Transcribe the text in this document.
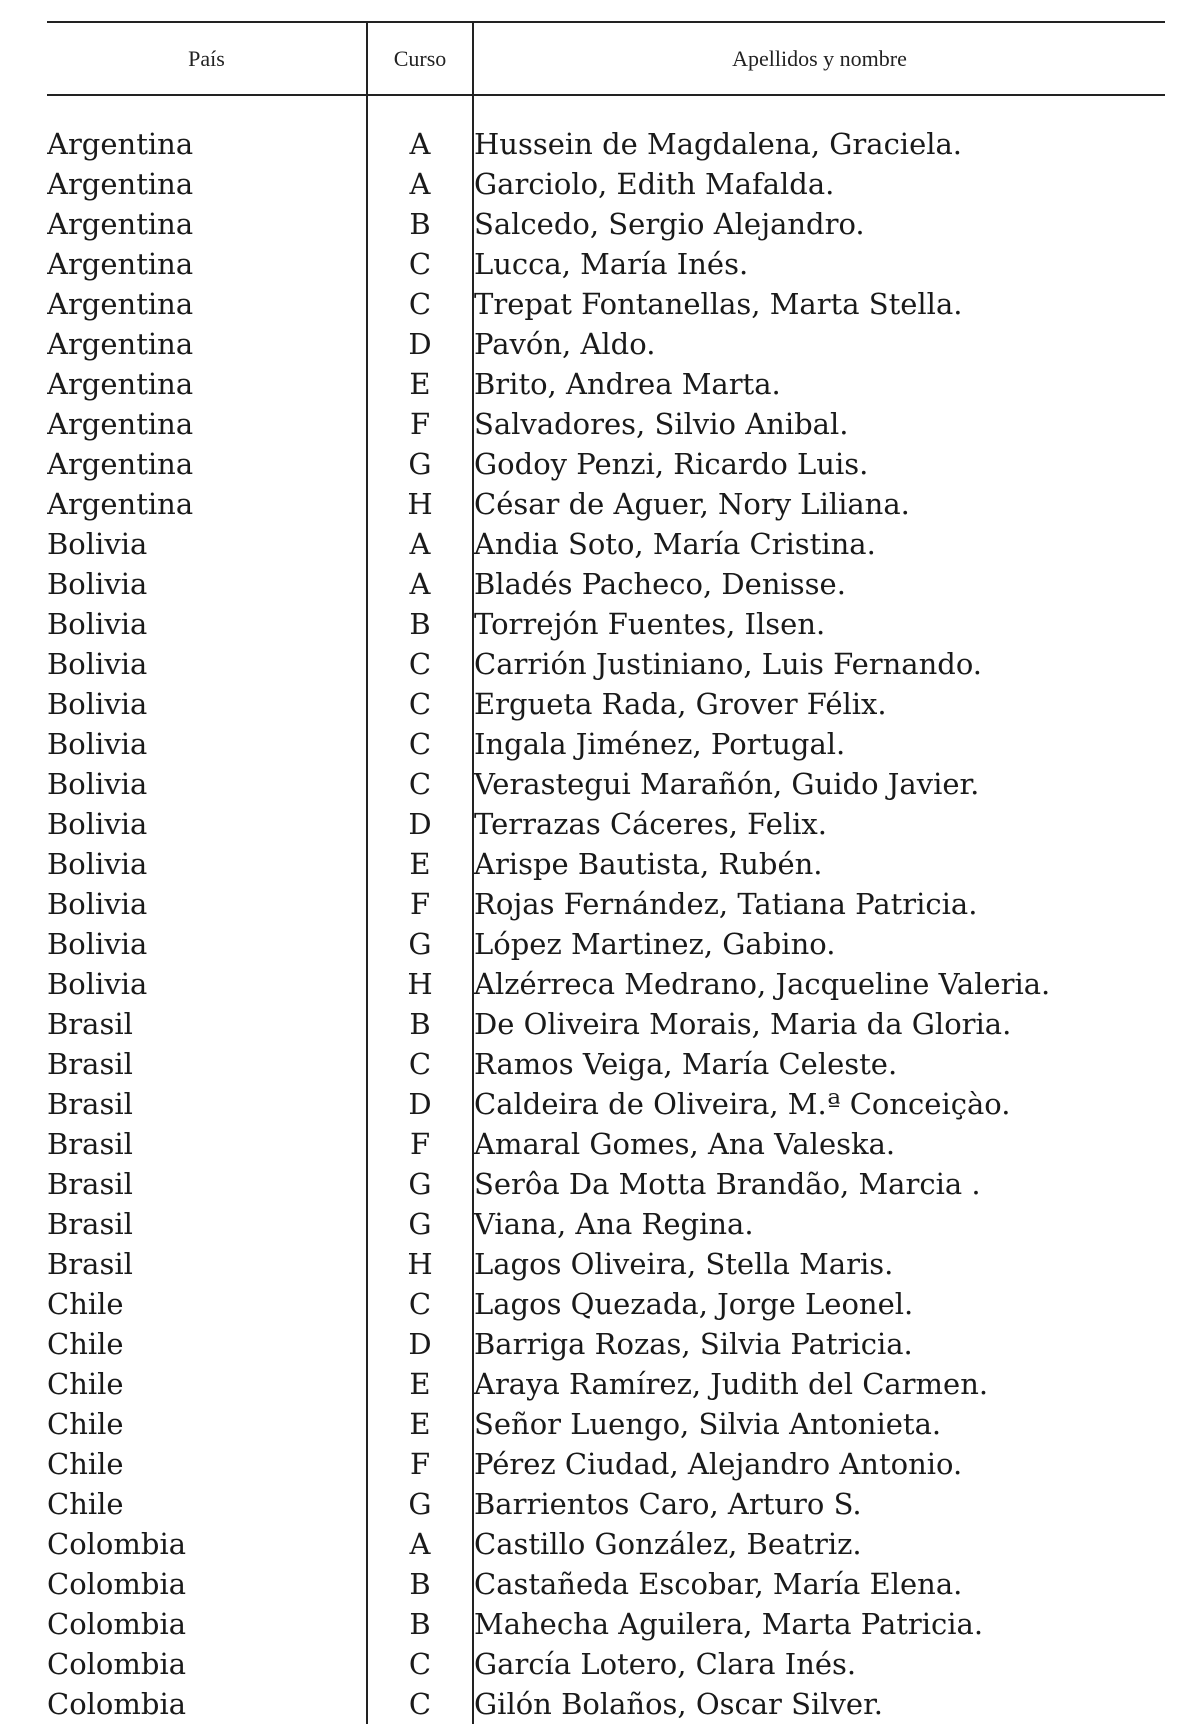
País	Curso	Apellidos y nombre

Argentina	A	Hussein de Magdalena, Graciela.
Argentina	A	Garciolo, Edith Mafalda.
Argentina	B	Salcedo, Sergio Alejandro.
Argentina	C	Lucca, María Inés.
Argentina	C	Trepat Fontanellas, Marta Stella.
Argentina	D	Pavón, Aldo.
Argentina	E	Brito, Andrea Marta.
Argentina	F	Salvadores, Silvio Anibal.
Argentina	G	Godoy Penzi, Ricardo Luis.
Argentina	H	César de Aguer, Nory Liliana.
Bolivia	A	Andia Soto, María Cristina.
Bolivia	A	Bladés Pacheco, Denisse.
Bolivia	B	Torrejón Fuentes, Ilsen.
Bolivia	C	Carrión Justiniano, Luis Fernando.
Bolivia	C	Ergueta Rada, Grover Félix.
Bolivia	C	Ingala Jiménez, Portugal.
Bolivia	C	Verastegui Marañón, Guido Javier.
Bolivia	D	Terrazas Cáceres, Felix.
Bolivia	E	Arispe Bautista, Rubén.
Bolivia	F	Rojas Fernández, Tatiana Patricia.
Bolivia	G	López Martinez, Gabino.
Bolivia	H	Alzérreca Medrano, Jacqueline Valeria.
Brasil	B	De Oliveira Morais, Maria da Gloria.
Brasil	C	Ramos Veiga, María Celeste.
Brasil	D	Caldeira de Oliveira, M.ª Conceiçào.
Brasil	F	Amaral Gomes, Ana Valeska.
Brasil	G	Serôa Da Motta Brandão, Marcia .
Brasil	G	Viana, Ana Regina.
Brasil	H	Lagos Oliveira, Stella Maris.
Chile	C	Lagos Quezada, Jorge Leonel.
Chile	D	Barriga Rozas, Silvia Patricia.
Chile	E	Araya Ramírez, Judith del Carmen.
Chile	E	Señor Luengo, Silvia Antonieta.
Chile	F	Pérez Ciudad, Alejandro Antonio.
Chile	G	Barrientos Caro, Arturo S.
Colombia	A	Castillo González, Beatriz.
Colombia	B	Castañeda Escobar, María Elena.
Colombia	B	Mahecha Aguilera, Marta Patricia.
Colombia	C	García Lotero, Clara Inés.
Colombia	C	Gilón Bolaños, Oscar Silver.
